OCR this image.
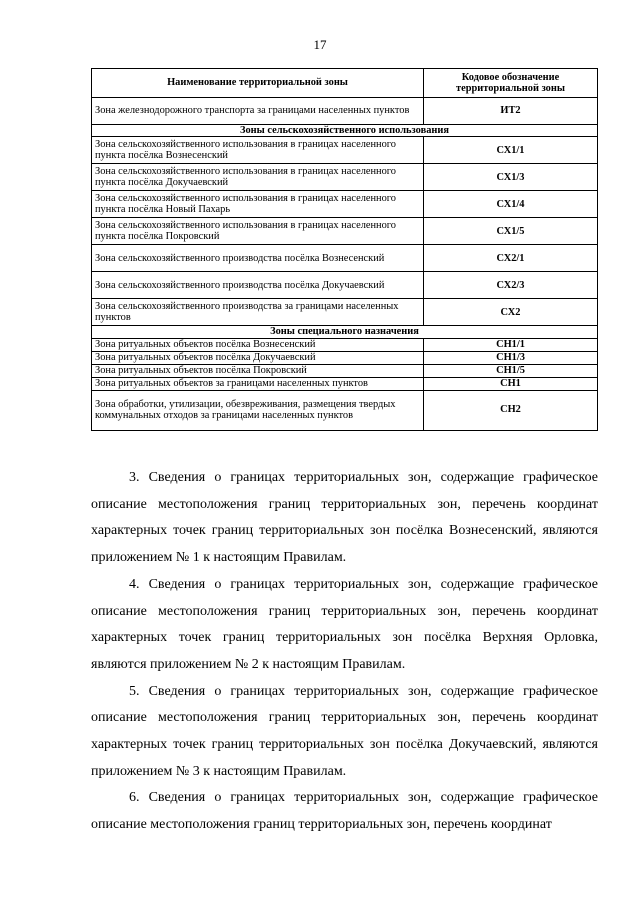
17
Наименование территориальной зоны	Кодовое обозначение территориальной зоны
Зона железнодорожного транспорта за границами населенных пунктов	ИТ2
Зоны сельскохозяйственного использования	
Зона сельскохозяйственного использования в границах населенного пункта посёлка Вознесенский	СХ1/1
Зона сельскохозяйственного использования в границах населенного пункта посёлка Докучаевский	СХ1/3
Зона сельскохозяйственного использования в границах населенного пункта посёлка Новый Пахарь	СХ1/4
Зона сельскохозяйственного использования в границах населенного пункта посёлка Покровский	СХ1/5
Зона сельскохозяйственного производства посёлка Вознесенский	СХ2/1
Зона сельскохозяйственного производства посёлка Докучаевский	СХ2/3
Зона сельскохозяйственного производства за границами населенных пунктов	СХ2
Зоны специального назначения	
Зона ритуальных объектов посёлка Вознесенский	СН1/1
Зона ритуальных объектов посёлка Докучаевский	СН1/3
Зона ритуальных объектов посёлка Покровский	СН1/5
Зона ритуальных объектов за границами населенных пунктов	СН1
Зона обработки, утилизации, обезвреживания, размещения твердых коммунальных отходов за границами населенных пунктов	СН2

3. Сведения о границах территориальных зон, содержащие графическое описание местоположения границ территориальных зон, перечень координат характерных точек границ территориальных зон посёлка Вознесенский, являются приложением № 1 к настоящим Правилам.

4. Сведения о границах территориальных зон, содержащие графическое описание местоположения границ территориальных зон, перечень координат характерных точек границ территориальных зон посёлка Верхняя Орловка, являются приложением № 2 к настоящим Правилам.

5. Сведения о границах территориальных зон, содержащие графическое описание местоположения границ территориальных зон, перечень координат характерных точек границ территориальных зон посёлка Докучаевский, являются приложением № 3 к настоящим Правилам.

6. Сведения о границах территориальных зон, содержащие графическое описание местоположения границ территориальных зон, перечень координат
